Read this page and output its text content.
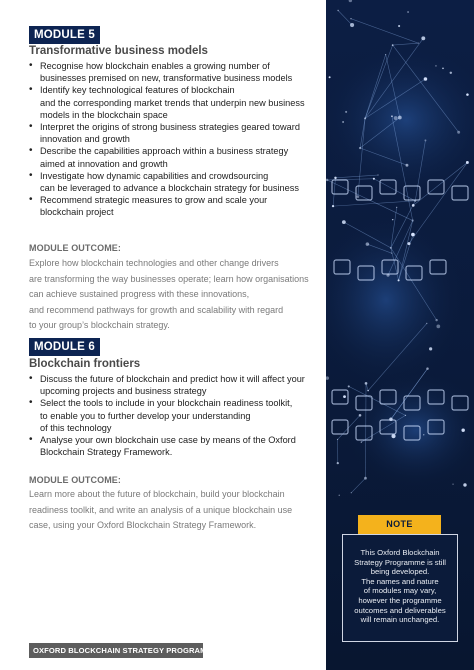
MODULE 5
Transformative business models
• Recognise how blockchain enables a growing number of
businesses premised on new, transformative business models
• Identify key technological features of blockchain
and the corresponding market trends that underpin new business
models in the blockchain space
• Interpret the origins of strong business strategies geared toward
innovation and growth
• Describe the capabilities approach within a business strategy
aimed at innovation and growth
• Investigate how dynamic capabilities and crowdsourcing
can be leveraged to advance a blockchain strategy for business
• Recommend strategic measures to grow and scale your
blockchain project
MODULE OUTCOME:
Explore how blockchain technologies and other change drivers
are transforming the way businesses operate; learn how organisations
can achieve sustained progress with these innovations,
and recommend pathways for growth and scalability with regard
to your group’s blockchain strategy.
MODULE 6
Blockchain frontiers
• Discuss the future of blockchain and predict how it will affect your
upcoming projects and business strategy
• Select the tools to include in your blockchain readiness toolkit,
to enable you to further develop your understanding
of this technology
• Analyse your own blockchain use case by means of the Oxford
Blockchain Strategy Framework.
MODULE OUTCOME:
Learn more about the future of blockchain, build your blockchain
readiness toolkit, and write an analysis of a unique blockchain use
case, using your Oxford Blockchain Strategy Framework.
OXFORD BLOCKCHAIN STRATEGY PROGRAMME
NOTE
This Oxford Blockchain
Strategy Programme is still
being developed.
The names and nature
of modules may vary,
however the programme
outcomes and deliverables
will remain unchanged.
